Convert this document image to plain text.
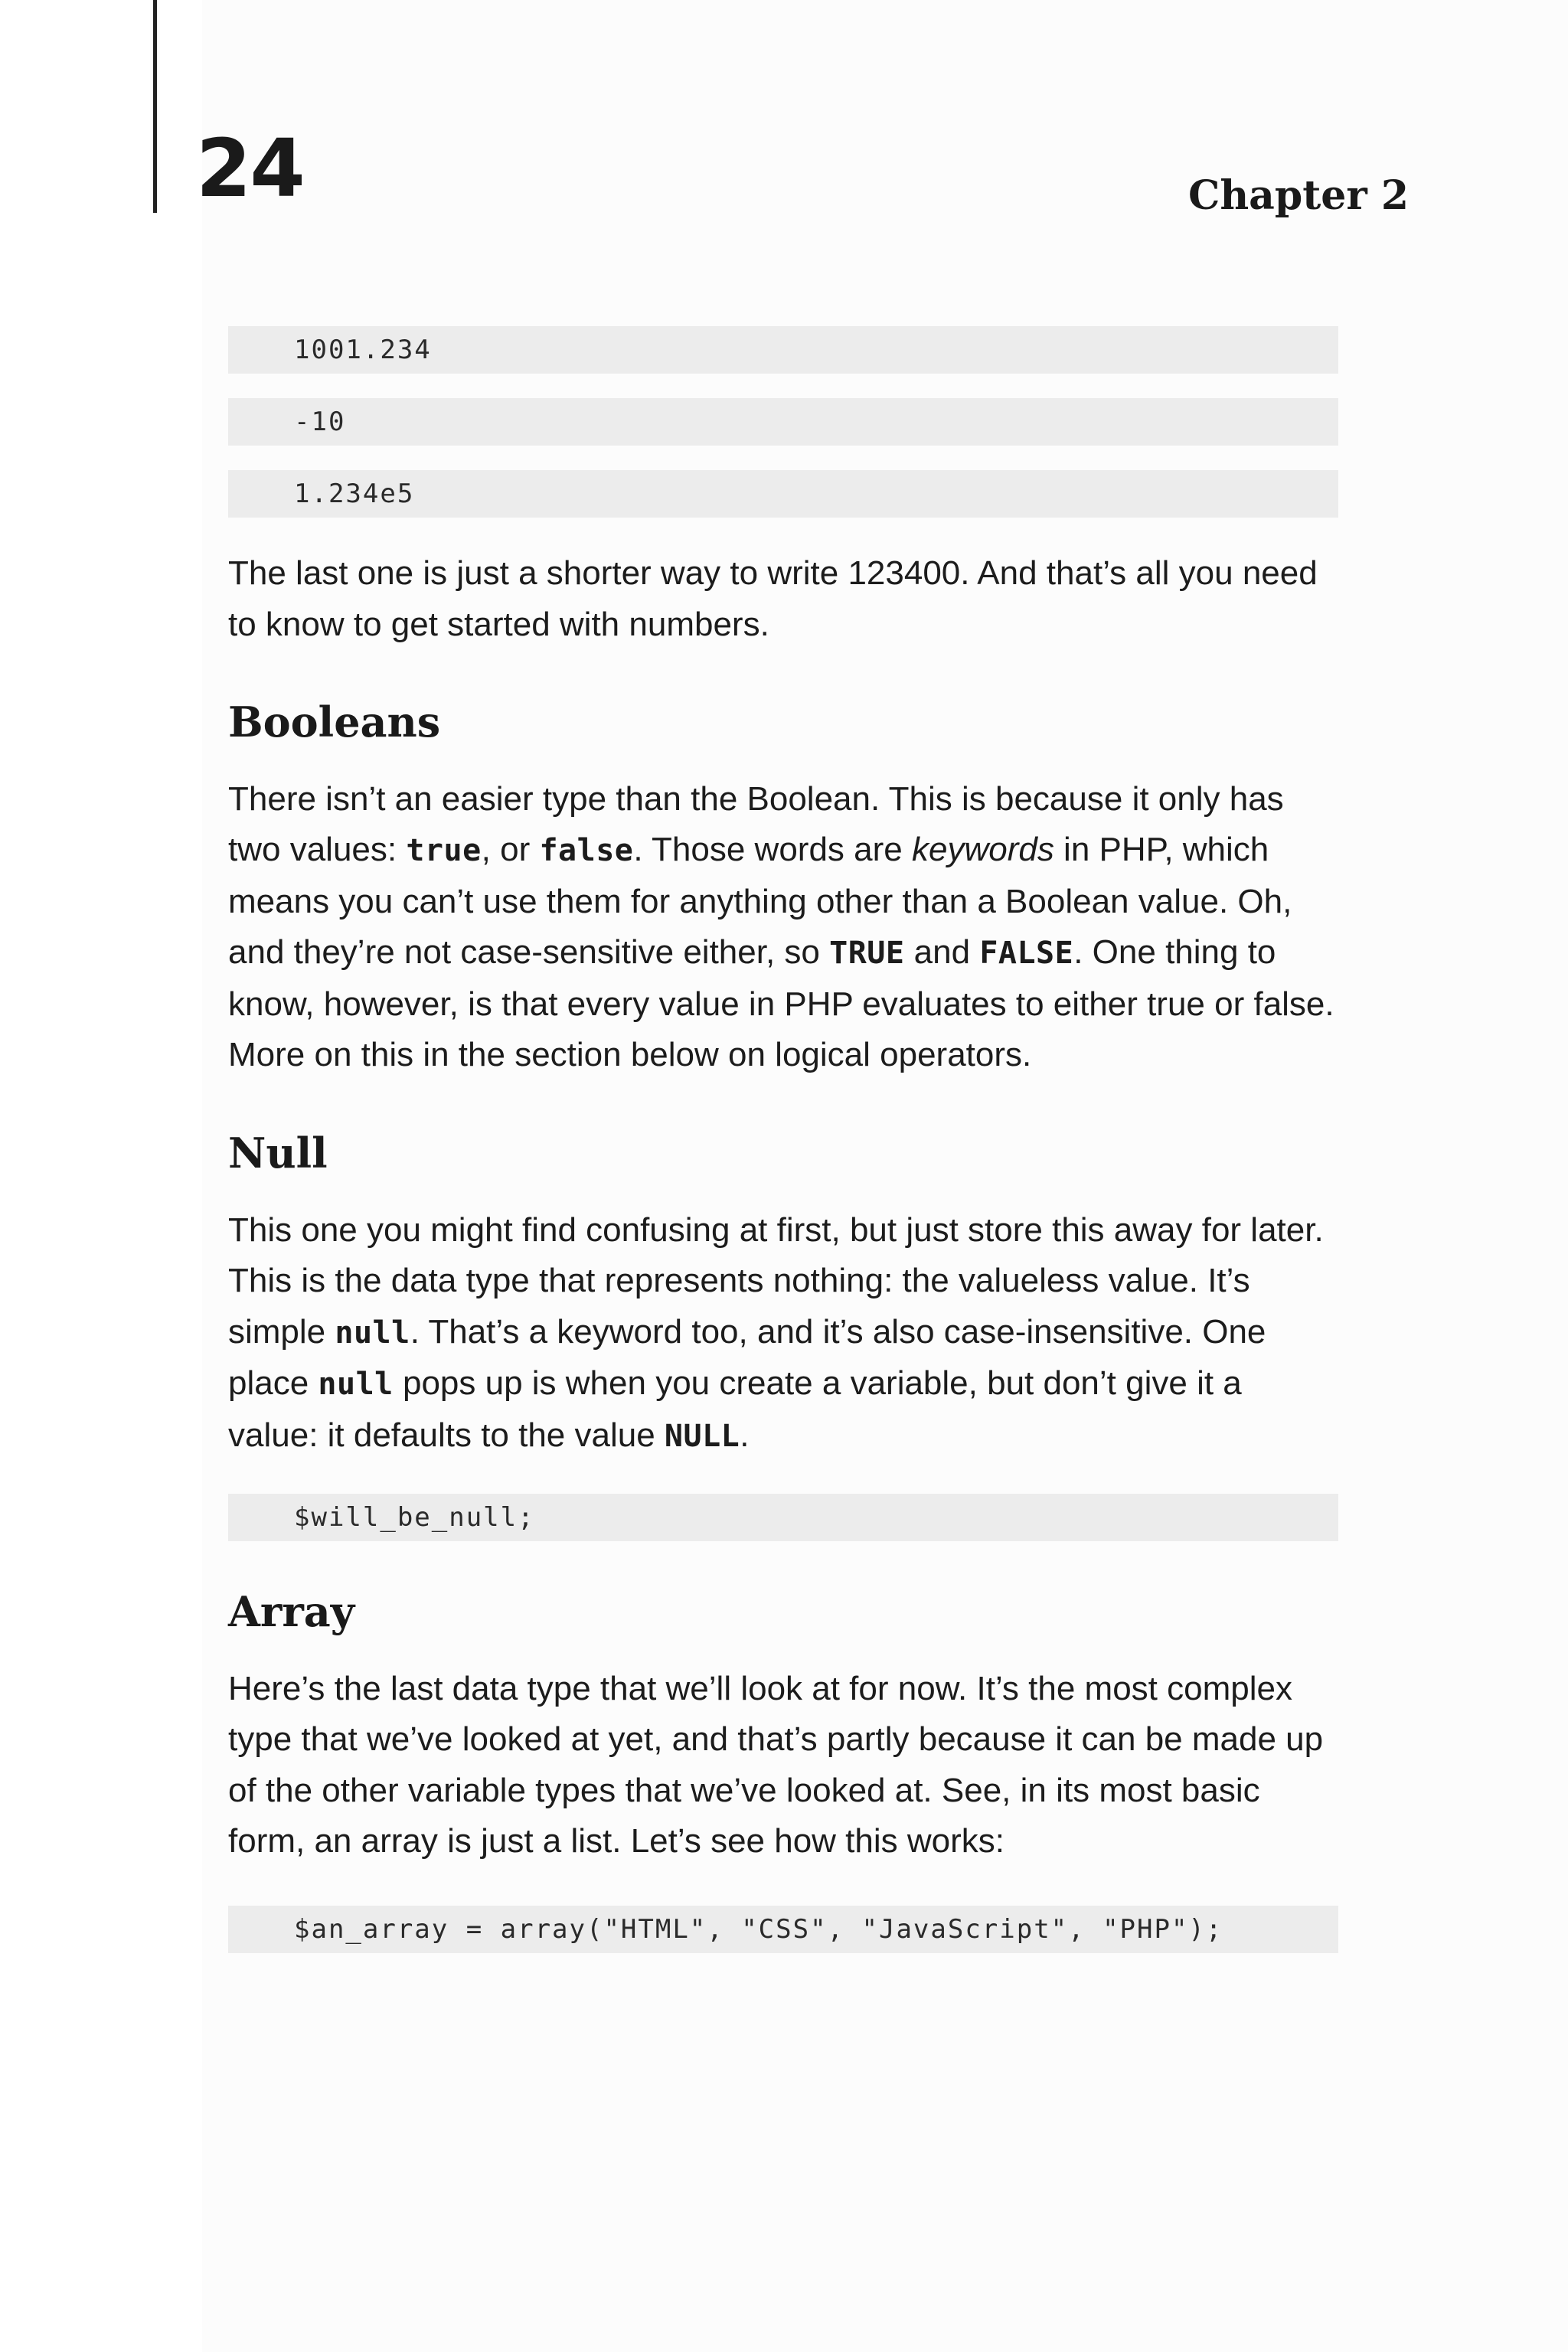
24	Chapter 2
1001.234
-10
1.234e5

The last one is just a shorter way to write 123400. And that’s all you need to know to get started with numbers.

Booleans

There isn’t an easier type than the Boolean. This is because it only has two values: true, or false. Those words are keywords in PHP, which means you can’t use them for anything other than a Boolean value. Oh, and they’re not case-sensitive either, so TRUE and FALSE. One thing to know, however, is that every value in PHP evaluates to either true or false. More on this in the section below on logical operators.

Null

This one you might find confusing at first, but just store this away for later. This is the data type that represents nothing: the valueless value. It’s simple null. That’s a keyword too, and it’s also case-insensitive. One place null pops up is when you create a variable, but don’t give it a value: it defaults to the value NULL.

$will_be_null;
Array

Here’s the last data type that we’ll look at for now. It’s the most complex type that we’ve looked at yet, and that’s partly because it can be made up of the other variable types that we’ve looked at. See, in its most basic form, an array is just a list. Let’s see how this works:

$an_array = array("HTML", "CSS", "JavaScript", "PHP");
